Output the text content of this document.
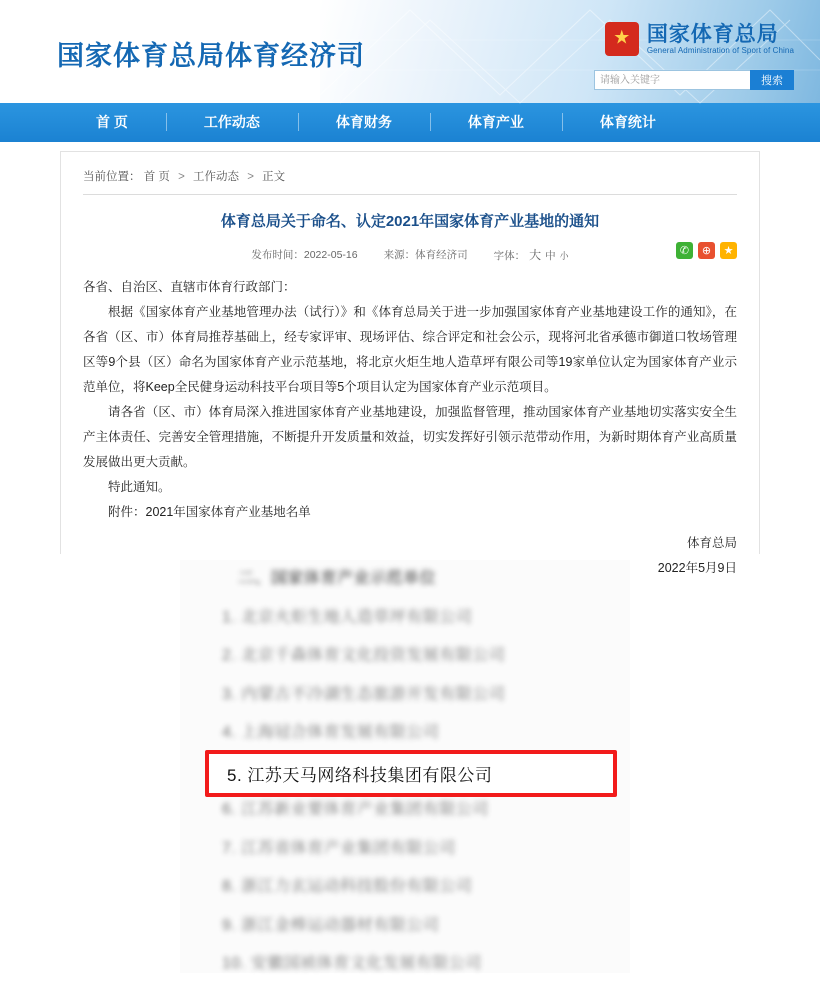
国家体育总局体育经济司
★
国家体育总局
General Administration of Sport of China
请输入关键字
搜索
首 页	工作动态	体育财务	体育产业	体育统计
当前位置： 首 页 > 工作动态 > 正文
体育总局关于命名、认定2021年国家体育产业基地的通知
发布时间：2022-05-16 来源：体育经济司 字体： 大 中 小	✆	⊕	★

各省、自治区、直辖市体育行政部门：

根据《国家体育产业基地管理办法（试行）》和《体育总局关于进一步加强国家体育产业基地建设工作的通知》，在各省（区、市）体育局推荐基础上，经专家评审、现场评估、综合评定和社会公示，现将河北省承德市御道口牧场管理区等9个县（区）命名为国家体育产业示范基地，将北京火炬生地人造草坪有限公司等19家单位认定为国家体育产业示范单位，将Keep全民健身运动科技平台项目等5个项目认定为国家体育产业示范项目。

请各省（区、市）体育局深入推进国家体育产业基地建设，加强监督管理，推动国家体育产业基地切实落实安全生产主体责任、完善安全管理措施，不断提升开发质量和效益，切实发挥好引领示范带动作用，为新时期体育产业高质量发展做出更大贡献。

特此通知。

附件：2021年国家体育产业基地名单

体育总局
2022年5月9日
二、国家体育产业示范单位
1. 北京火炬生地人造草坪有限公司
2. 北京千森体育文化投资发展有限公司
3. 内蒙古不冷湖生态旅游开发有限公司
4. 上海冠合体育发展有限公司

6. 江苏新业要体育产业集团有限公司
7. 江苏省体育产业集团有限公司
8. 浙江力玄运动科技股份有限公司
9. 浙江金棒运动器材有限公司
10. 安徽国祯体育文化发展有限公司
5. 江苏天马网络科技集团有限公司
